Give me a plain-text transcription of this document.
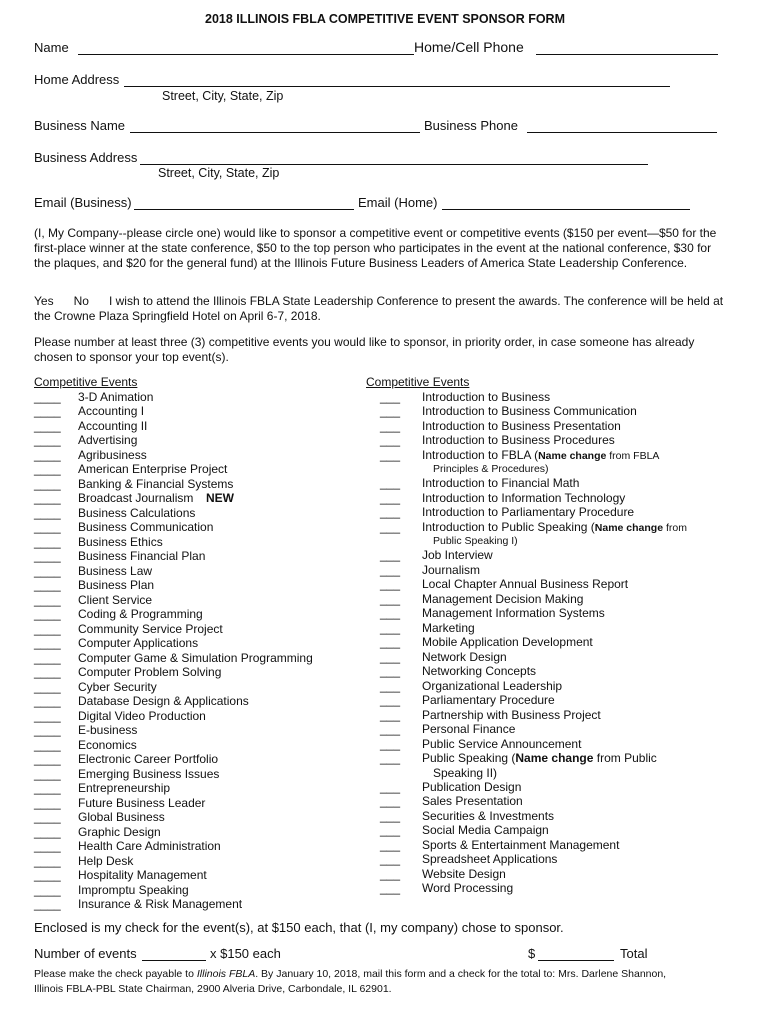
2018 ILLINOIS FBLA COMPETITIVE EVENT SPONSOR FORM
Name	Home/Cell Phone
Home Address
Street, City, State, Zip
Business Name	Business Phone
Business Address
Street, City, State, Zip
Email (Business)	Email (Home)
(I, My Company--please circle one) would like to sponsor a competitive event or competitive events ($150 per event—$50 for the first-place winner at the state conference, $50 to the top person who participates in the event at the national conference, $30 for the plaques, and $20 for the general fund) at the Illinois Future Business Leaders of America State Leadership Conference.
Yes No I wish to attend the Illinois FBLA State Leadership Conference to present the awards. The conference will be held at the Crowne Plaza Springfield Hotel on April 6-7, 2018.
Please number at least three (3) competitive events you would like to sponsor, in priority order, in case someone has already chosen to sponsor your top event(s).
Competitive Events
____ 3-D Animation
____ Accounting I
____ Accounting II
____ Advertising
____ Agribusiness
____ American Enterprise Project
____ Banking & Financial Systems
____ Broadcast Journalism NEW
____ Business Calculations
____ Business Communication
____ Business Ethics
____ Business Financial Plan
____ Business Law
____ Business Plan
____ Client Service
____ Coding & Programming
____ Community Service Project
____ Computer Applications
____ Computer Game & Simulation Programming
____ Computer Problem Solving
____ Cyber Security
____ Database Design & Applications
____ Digital Video Production
____ E-business
____ Economics
____ Electronic Career Portfolio
____ Emerging Business Issues
____ Entrepreneurship
____ Future Business Leader
____ Global Business
____ Graphic Design
____ Health Care Administration
____ Help Desk
____ Hospitality Management
____ Impromptu Speaking
____ Insurance & Risk Management
Competitive Events
___ Introduction to Business
___ Introduction to Business Communication
___ Introduction to Business Presentation
___ Introduction to Business Procedures
___ Introduction to FBLA (Name change from FBLA
Principles & Procedures)
___ Introduction to Financial Math
___ Introduction to Information Technology
___ Introduction to Parliamentary Procedure
___ Introduction to Public Speaking (Name change from
Public Speaking I)
___ Job Interview
___ Journalism
___ Local Chapter Annual Business Report
___ Management Decision Making
___ Management Information Systems
___ Marketing
___ Mobile Application Development
___ Network Design
___ Networking Concepts
___ Organizational Leadership
___ Parliamentary Procedure
___ Partnership with Business Project
___ Personal Finance
___ Public Service Announcement
___ Public Speaking (Name change from Public
Speaking II)
___ Publication Design
___ Sales Presentation
___ Securities & Investments
___ Social Media Campaign
___ Sports & Entertainment Management
___ Spreadsheet Applications
___ Website Design
___ Word Processing
Enclosed is my check for the event(s), at $150 each, that (I, my company) chose to sponsor.
Number of events	x $150 each	$	Total
Please make the check payable to Illinois FBLA. By January 10, 2018, mail this form and a check for the total to: Mrs. Darlene Shannon,
Illinois FBLA-PBL State Chairman, 2900 Alveria Drive, Carbondale, IL 62901.
